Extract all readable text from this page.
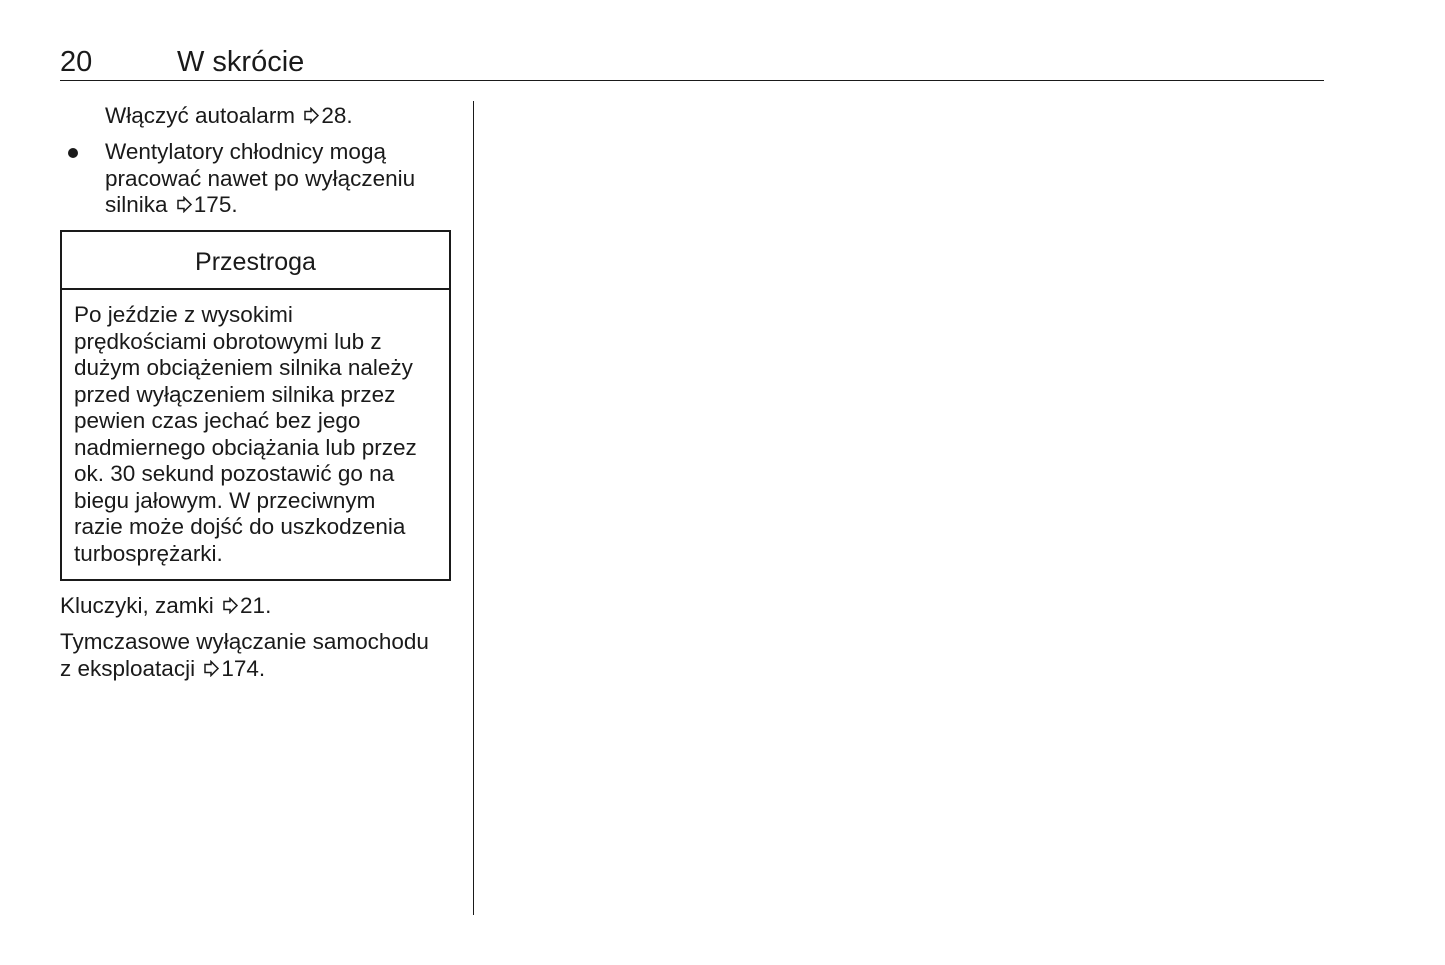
20	W skrócie
Włączyć autoalarm 28.
Wentylatory chłodnicy mogą
pracować nawet po wyłączeniu
silnika 175.
Przestroga
Po jeździe z wysokimi
prędkościami obrotowymi lub z
dużym obciążeniem silnika należy
przed wyłączeniem silnika przez
pewien czas jechać bez jego
nadmiernego obciążania lub przez
ok. 30 sekund pozostawić go na
biegu jałowym. W przeciwnym
razie może dojść do uszkodzenia
turbosprężarki.
Kluczyki, zamki 21.
Tymczasowe wyłączanie samochodu
z eksploatacji 174.
